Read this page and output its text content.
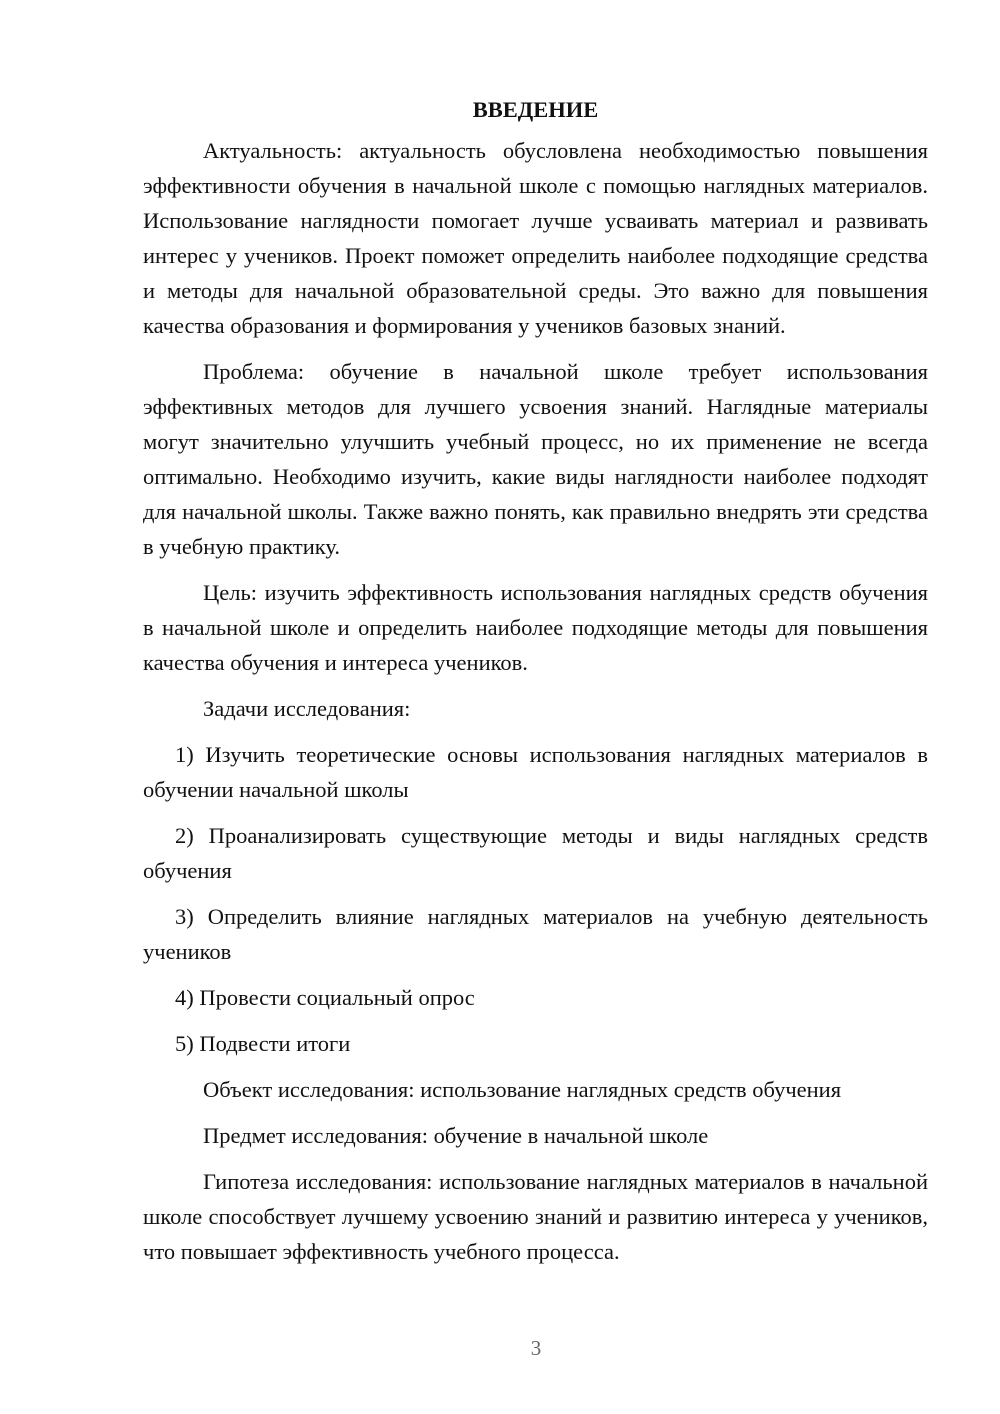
ВВЕДЕНИЕ

Актуальность: актуальность обусловлена необходимостью повышения эффективности обучения в начальной школе с помощью наглядных материалов. Использование наглядности помогает лучше усваивать материал и развивать интерес у учеников. Проект поможет определить наиболее подходящие средства и методы для начальной образовательной среды. Это важно для повышения качества образования и формирования у учеников базовых знаний.

Проблема: обучение в начальной школе требует использования эффективных методов для лучшего усвоения знаний. Наглядные материалы могут значительно улучшить учебный процесс, но их применение не всегда оптимально. Необходимо изучить, какие виды наглядности наиболее подходят для начальной школы. Также важно понять, как правильно внедрять эти средства в учебную практику.

Цель: изучить эффективность использования наглядных средств обучения в начальной школе и определить наиболее подходящие методы для повышения качества обучения и интереса учеников.

Задачи исследования:

1) Изучить теоретические основы использования наглядных материалов в обучении начальной школы

2) Проанализировать существующие методы и виды наглядных средств обучения

3) Определить влияние наглядных материалов на учебную деятельность учеников

4) Провести социальный опрос

5) Подвести итоги

Объект исследования: использование наглядных средств обучения

Предмет исследования: обучение в начальной школе

Гипотеза исследования: использование наглядных материалов в начальной школе способствует лучшему усвоению знаний и развитию интереса у учеников, что повышает эффективность учебного процесса.

3
